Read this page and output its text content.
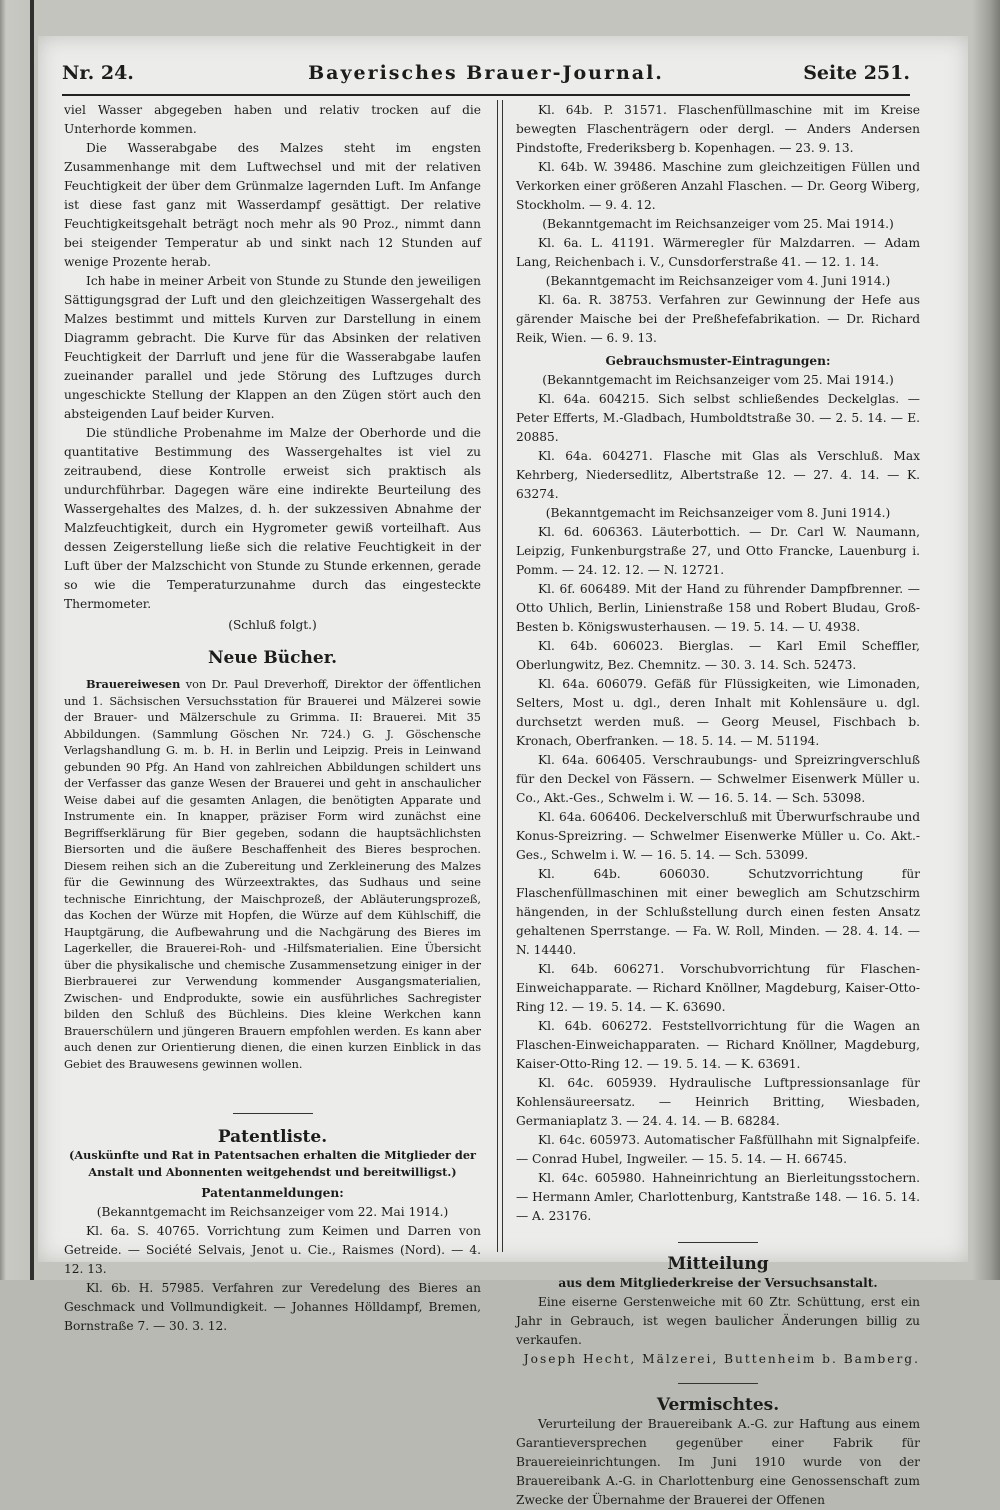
Nr. 24.	Bayerisches Brauer-Journal.	Seite 251.

viel Wasser abgegeben haben und relativ trocken auf die Unterhorde kommen.

Die Wasserabgabe des Malzes steht im engsten Zusammenhange mit dem Luftwechsel und mit der relativen Feuchtigkeit der über dem Grünmalze lagernden Luft. Im Anfange ist diese fast ganz mit Wasserdampf gesättigt. Der relative Feuchtigkeitsgehalt beträgt noch mehr als 90 Proz., nimmt dann bei steigender Temperatur ab und sinkt nach 12 Stunden auf wenige Prozente herab.

Ich habe in meiner Arbeit von Stunde zu Stunde den jeweiligen Sättigungsgrad der Luft und den gleichzeitigen Wassergehalt des Malzes bestimmt und mittels Kurven zur Darstellung in einem Diagramm gebracht. Die Kurve für das Absinken der relativen Feuchtigkeit der Darrluft und jene für die Wasserabgabe laufen zueinander parallel und jede Störung des Luftzuges durch ungeschickte Stellung der Klappen an den Zügen stört auch den absteigenden Lauf beider Kurven.

Die stündliche Probenahme im Malze der Oberhorde und die quantitative Bestimmung des Wassergehaltes ist viel zu zeitraubend, diese Kontrolle erweist sich praktisch als undurchführbar. Dagegen wäre eine indirekte Beurteilung des Wassergehaltes des Malzes, d. h. der sukzessiven Abnahme der Malzfeuchtigkeit, durch ein Hygrometer gewiß vorteilhaft. Aus dessen Zeigerstellung ließe sich die relative Feuchtigkeit in der Luft über der Malzschicht von Stunde zu Stunde erkennen, gerade so wie die Temperaturzunahme durch das eingesteckte Thermometer.

(Schluß folgt.)

Neue Bücher.

Brauereiwesen von Dr. Paul Dreverhoff, Direktor der öffentlichen und 1. Sächsischen Versuchsstation für Brauerei und Mälzerei sowie der Brauer- und Mälzerschule zu Grimma. II: Brauerei. Mit 35 Abbildungen. (Sammlung Göschen Nr. 724.) G. J. Göschensche Verlagshandlung G. m. b. H. in Berlin und Leipzig. Preis in Leinwand gebunden 90 Pfg. An Hand von zahlreichen Abbildungen schildert uns der Verfasser das ganze Wesen der Brauerei und geht in anschaulicher Weise dabei auf die gesamten Anlagen, die benötigten Apparate und Instrumente ein. In knapper, präziser Form wird zunächst eine Begriffserklärung für Bier gegeben, sodann die hauptsächlichsten Biersorten und die äußere Beschaffenheit des Bieres besprochen. Diesem reihen sich an die Zubereitung und Zerkleinerung des Malzes für die Gewinnung des Würzeextraktes, das Sudhaus und seine technische Einrichtung, der Maischprozeß, der Abläuterungsprozeß, das Kochen der Würze mit Hopfen, die Würze auf dem Kühlschiff, die Hauptgärung, die Aufbewahrung und die Nachgärung des Bieres im Lagerkeller, die Brauerei-Roh- und -Hilfsmaterialien. Eine Übersicht über die physikalische und chemische Zusammensetzung einiger in der Bierbrauerei zur Verwendung kommender Ausgangsmaterialien, Zwischen- und Endprodukte, sowie ein ausführliches Sachregister bilden den Schluß des Büchleins. Dies kleine Werkchen kann Brauerschülern und jüngeren Brauern empfohlen werden. Es kann aber auch denen zur Orientierung dienen, die einen kurzen Einblick in das Gebiet des Brauwesens gewinnen wollen.

Patentliste.

(Auskünfte und Rat in Patentsachen erhalten die Mitglieder der Anstalt und Abonnenten weitgehendst und bereitwilligst.)

Patentanmeldungen:

(Bekanntgemacht im Reichsanzeiger vom 22. Mai 1914.)

Kl. 6a. S. 40765. Vorrichtung zum Keimen und Darren von Getreide. — Société Selvais, Jenot u. Cie., Raismes (Nord). — 4. 12. 13.

Kl. 6b. H. 57985. Verfahren zur Veredelung des Bieres an Geschmack und Vollmundigkeit. — Johannes Hölldampf, Bremen, Bornstraße 7. — 30. 3. 12.

Kl. 64b. P. 31571. Flaschenfüllmaschine mit im Kreise bewegten Flaschenträgern oder dergl. — Anders Andersen Pindstofte, Frederiksberg b. Kopenhagen. — 23. 9. 13.

Kl. 64b. W. 39486. Maschine zum gleichzeitigen Füllen und Verkorken einer größeren Anzahl Flaschen. — Dr. Georg Wiberg, Stockholm. — 9. 4. 12.

(Bekanntgemacht im Reichsanzeiger vom 25. Mai 1914.)

Kl. 6a. L. 41191. Wärmeregler für Malzdarren. — Adam Lang, Reichenbach i. V., Cunsdorferstraße 41. — 12. 1. 14.

(Bekanntgemacht im Reichsanzeiger vom 4. Juni 1914.)

Kl. 6a. R. 38753. Verfahren zur Gewinnung der Hefe aus gärender Maische bei der Preßhefefabrikation. — Dr. Richard Reik, Wien. — 6. 9. 13.

Gebrauchsmuster-Eintragungen:

(Bekanntgemacht im Reichsanzeiger vom 25. Mai 1914.)

Kl. 64a. 604215. Sich selbst schließendes Deckelglas. — Peter Efferts, M.-Gladbach, Humboldtstraße 30. — 2. 5. 14. — E. 20885.

Kl. 64a. 604271. Flasche mit Glas als Verschluß. Max Kehrberg, Niedersedlitz, Albertstraße 12. — 27. 4. 14. — K. 63274.

(Bekanntgemacht im Reichsanzeiger vom 8. Juni 1914.)

Kl. 6d. 606363. Läuterbottich. — Dr. Carl W. Naumann, Leipzig, Funkenburgstraße 27, und Otto Francke, Lauenburg i. Pomm. — 24. 12. 12. — N. 12721.

Kl. 6f. 606489. Mit der Hand zu führender Dampfbrenner. — Otto Uhlich, Berlin, Linienstraße 158 und Robert Bludau, Groß-Besten b. Königswusterhausen. — 19. 5. 14. — U. 4938.

Kl. 64b. 606023. Bierglas. — Karl Emil Scheffler, Oberlungwitz, Bez. Chemnitz. — 30. 3. 14. Sch. 52473.

Kl. 64a. 606079. Gefäß für Flüssigkeiten, wie Limonaden, Selters, Most u. dgl., deren Inhalt mit Kohlensäure u. dgl. durchsetzt werden muß. — Georg Meusel, Fischbach b. Kronach, Oberfranken. — 18. 5. 14. — M. 51194.

Kl. 64a. 606405. Verschraubungs- und Spreizringverschluß für den Deckel von Fässern. — Schwelmer Eisenwerk Müller u. Co., Akt.-Ges., Schwelm i. W. — 16. 5. 14. — Sch. 53098.

Kl. 64a. 606406. Deckelverschluß mit Überwurfschraube und Konus-Spreizring. — Schwelmer Eisenwerke Müller u. Co. Akt.-Ges., Schwelm i. W. — 16. 5. 14. — Sch. 53099.

Kl. 64b. 606030. Schutzvorrichtung für Flaschenfüllmaschinen mit einer beweglich am Schutzschirm hängenden, in der Schlußstellung durch einen festen Ansatz gehaltenen Sperrstange. — Fa. W. Roll, Minden. — 28. 4. 14. — N. 14440.

Kl. 64b. 606271. Vorschubvorrichtung für Flaschen-Einweichapparate. — Richard Knöllner, Magdeburg, Kaiser-Otto-Ring 12. — 19. 5. 14. — K. 63690.

Kl. 64b. 606272. Feststellvorrichtung für die Wagen an Flaschen-Einweichapparaten. — Richard Knöllner, Magdeburg, Kaiser-Otto-Ring 12. — 19. 5. 14. — K. 63691.

Kl. 64c. 605939. Hydraulische Luftpressionsanlage für Kohlensäureersatz. — Heinrich Britting, Wiesbaden, Germaniaplatz 3. — 24. 4. 14. — B. 68284.

Kl. 64c. 605973. Automatischer Faßfüllhahn mit Signalpfeife. — Conrad Hubel, Ingweiler. — 15. 5. 14. — H. 66745.

Kl. 64c. 605980. Hahneinrichtung an Bierleitungsstochern. — Hermann Amler, Charlottenburg, Kantstraße 148. — 16. 5. 14. — A. 23176.

Mitteilung

aus dem Mitgliederkreise der Versuchsanstalt.

Eine eiserne Gerstenweiche mit 60 Ztr. Schüttung, erst ein Jahr in Gebrauch, ist wegen baulicher Änderungen billig zu verkaufen.

Joseph Hecht, Mälzerei, Buttenheim b. Bamberg.

Vermischtes.

Verurteilung der Brauereibank A.-G. zur Haftung aus einem Garantieversprechen gegenüber einer Fabrik für Brauereieinrichtungen. Im Juni 1910 wurde von der Brauereibank A.-G. in Charlottenburg eine Genossenschaft zum Zwecke der Übernahme der Brauerei der Offenen
